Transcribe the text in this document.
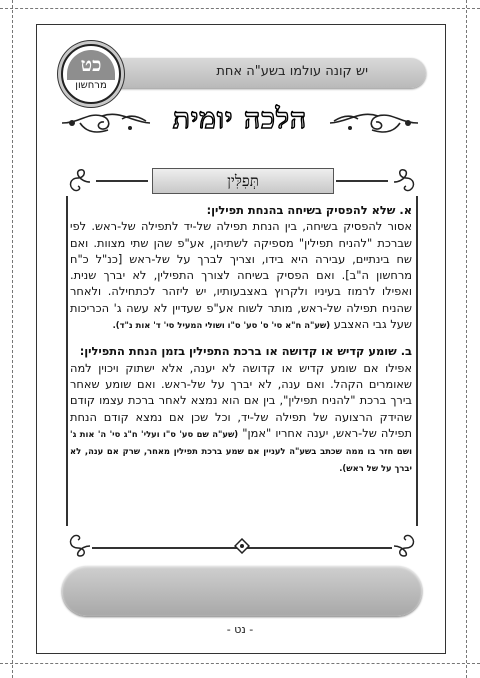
יש קונה עולמו בשע"ה אחת
כט
מרחשון
הלכה יומית
תְּפִלִּין

א. שלא להפסיק בשיחה בהנחת תפילין:
אסור להפסיק בשיחה, בין הנחת תפילה של-יד לתפילה של-ראש. לפי שברכת "להניח תפילין" מספיקה לשתיהן, אע"פ שהן שתי מצוות. ואם שח בינתיים, עבירה היא בידו, וצריך לברך על של-ראש [כנ"ל כ"ח מרחשון ה"ב]. ואם הפסיק בשיחה לצורך התפילין, לא יברך שנית. ואפילו לרמוז בעיניו ולקרוץ באצבעותיו, יש ליזהר לכתחילה. ולאחר שהניח תפילה של-ראש, מותר לשוח אע"פ שעדיין לא עשה ג' הכריכות שעל גבי האצבע (שע"ה ח"א סי' ס' סע' ס"ו ושולי המעיל סי' ד' אות נ"ד).

ב. שומע קדיש או קדושה או ברכת התפילין בזמן הנחת התפילין:
אפילו אם שומע קדיש או קדושה לא יענה, אלא ישתוק ויכוין למה שאומרים הקהל. ואם ענה, לא יברך על של-ראש. ואם שומע שאחר בירך ברכת "להניח תפילין", בין אם הוא נמצא לאחר ברכת עצמו קודם שהידק הרצועה של תפילה של-יד, וכל שכן אם נמצא קודם הנחת תפילה של-ראש, יענה אחריו "אמן" (שע"ה שם סע' ס"ו ועלי' ח"ג סי' ה' אות ג' ושם חזר בו ממה שכתב בשע"ה לעניין אם שמע ברכת תפילין מאחר, שרק אם ענה, לא יברך על של ראש).

- נט -
